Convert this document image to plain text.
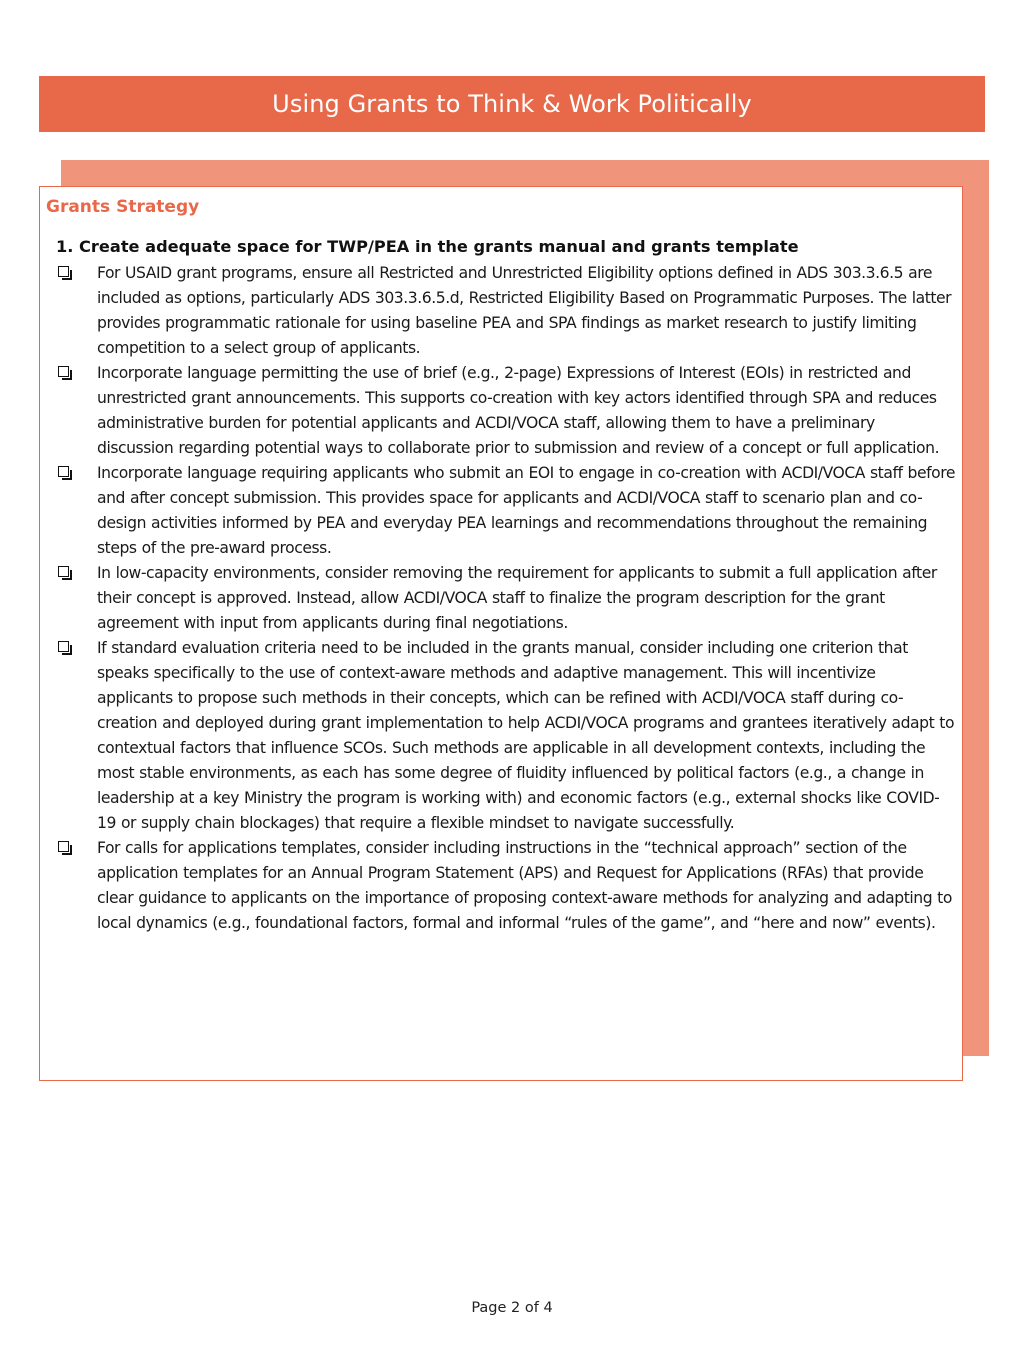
Using Grants to Think & Work Politically
Grants Strategy
1. Create adequate space for TWP/PEA in the grants manual and grants template
For USAID grant programs, ensure all Restricted and Unrestricted Eligibility options defined in ADS 303.3.6.5 are included as options, particularly ADS 303.3.6.5.d, Restricted Eligibility Based on Programmatic Purposes. The latter provides programmatic rationale for using baseline PEA and SPA findings as market research to justify limiting competition to a select group of applicants.
Incorporate language permitting the use of brief (e.g., 2-page) Expressions of Interest (EOIs) in restricted and unrestricted grant announcements. This supports co-creation with key actors identified through SPA and reduces administrative burden for potential applicants and ACDI/VOCA staff, allowing them to have a preliminary discussion regarding potential ways to collaborate prior to submission and review of a concept or full application.
Incorporate language requiring applicants who submit an EOI to engage in co-creation with ACDI/VOCA staff before and after concept submission. This provides space for applicants and ACDI/VOCA staff to scenario plan and co-design activities informed by PEA and everyday PEA learnings and recommendations throughout the remaining steps of the pre-award process.
In low-capacity environments, consider removing the requirement for applicants to submit a full application after their concept is approved. Instead, allow ACDI/VOCA staff to finalize the program description for the grant agreement with input from applicants during final negotiations.
If standard evaluation criteria need to be included in the grants manual, consider including one criterion that speaks specifically to the use of context-aware methods and adaptive management. This will incentivize applicants to propose such methods in their concepts, which can be refined with ACDI/VOCA staff during co-creation and deployed during grant implementation to help ACDI/VOCA programs and grantees iteratively adapt to contextual factors that influence SCOs. Such methods are applicable in all development contexts, including the most stable environments, as each has some degree of fluidity influenced by political factors (e.g., a change in leadership at a key Ministry the program is working with) and economic factors (e.g., external shocks like COVID-19 or supply chain blockages) that require a flexible mindset to navigate successfully.
For calls for applications templates, consider including instructions in the “technical approach” section of the application templates for an Annual Program Statement (APS) and Request for Applications (RFAs) that provide clear guidance to applicants on the importance of proposing context-aware methods for analyzing and adapting to local dynamics (e.g., foundational factors, formal and informal “rules of the game”, and “here and now” events).
Page 2 of 4
